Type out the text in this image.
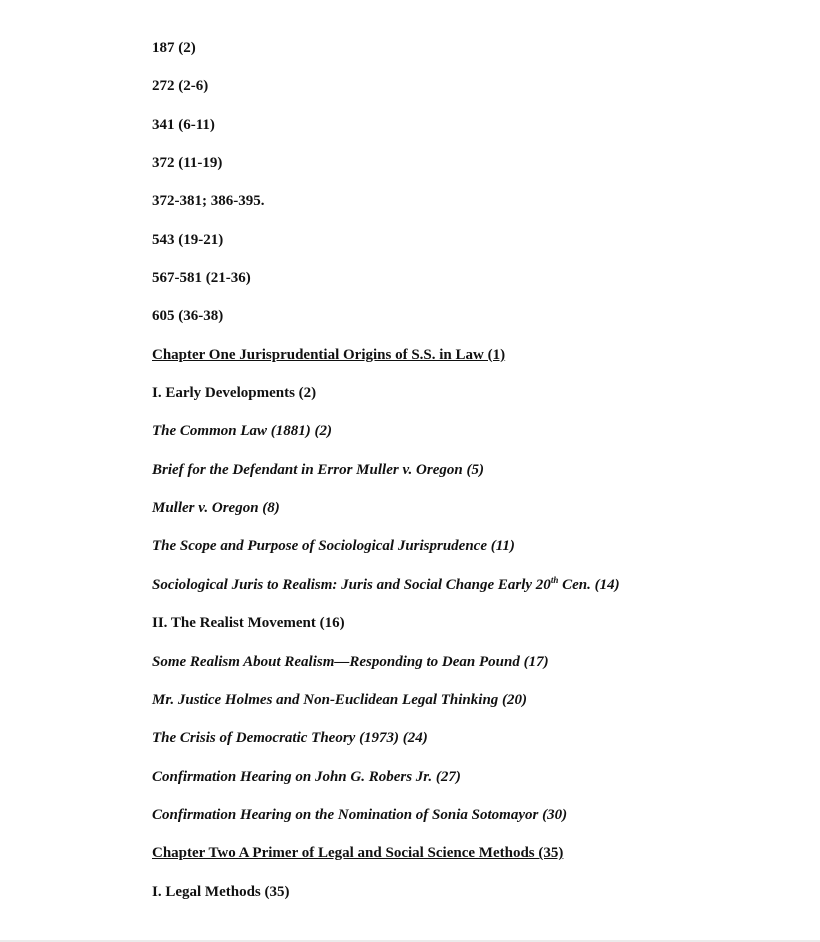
187 (2)
272 (2-6)
341 (6-11)
372 (11-19)
372-381; 386-395.
543 (19-21)
567-581 (21-36)
605 (36-38)
Chapter One Jurisprudential Origins of S.S. in Law (1)
I. Early Developments (2)
The Common Law (1881) (2)
Brief for the Defendant in Error Muller v. Oregon (5)
Muller v. Oregon (8)
The Scope and Purpose of Sociological Jurisprudence (11)
Sociological Juris to Realism: Juris and Social Change Early 20th Cen. (14)
II. The Realist Movement (16)
Some Realism About Realism—Responding to Dean Pound (17)
Mr. Justice Holmes and Non-Euclidean Legal Thinking (20)
The Crisis of Democratic Theory (1973) (24)
Confirmation Hearing on John G. Robers Jr. (27)
Confirmation Hearing on the Nomination of Sonia Sotomayor (30)
Chapter Two A Primer of Legal and Social Science Methods (35)
I. Legal Methods (35)
